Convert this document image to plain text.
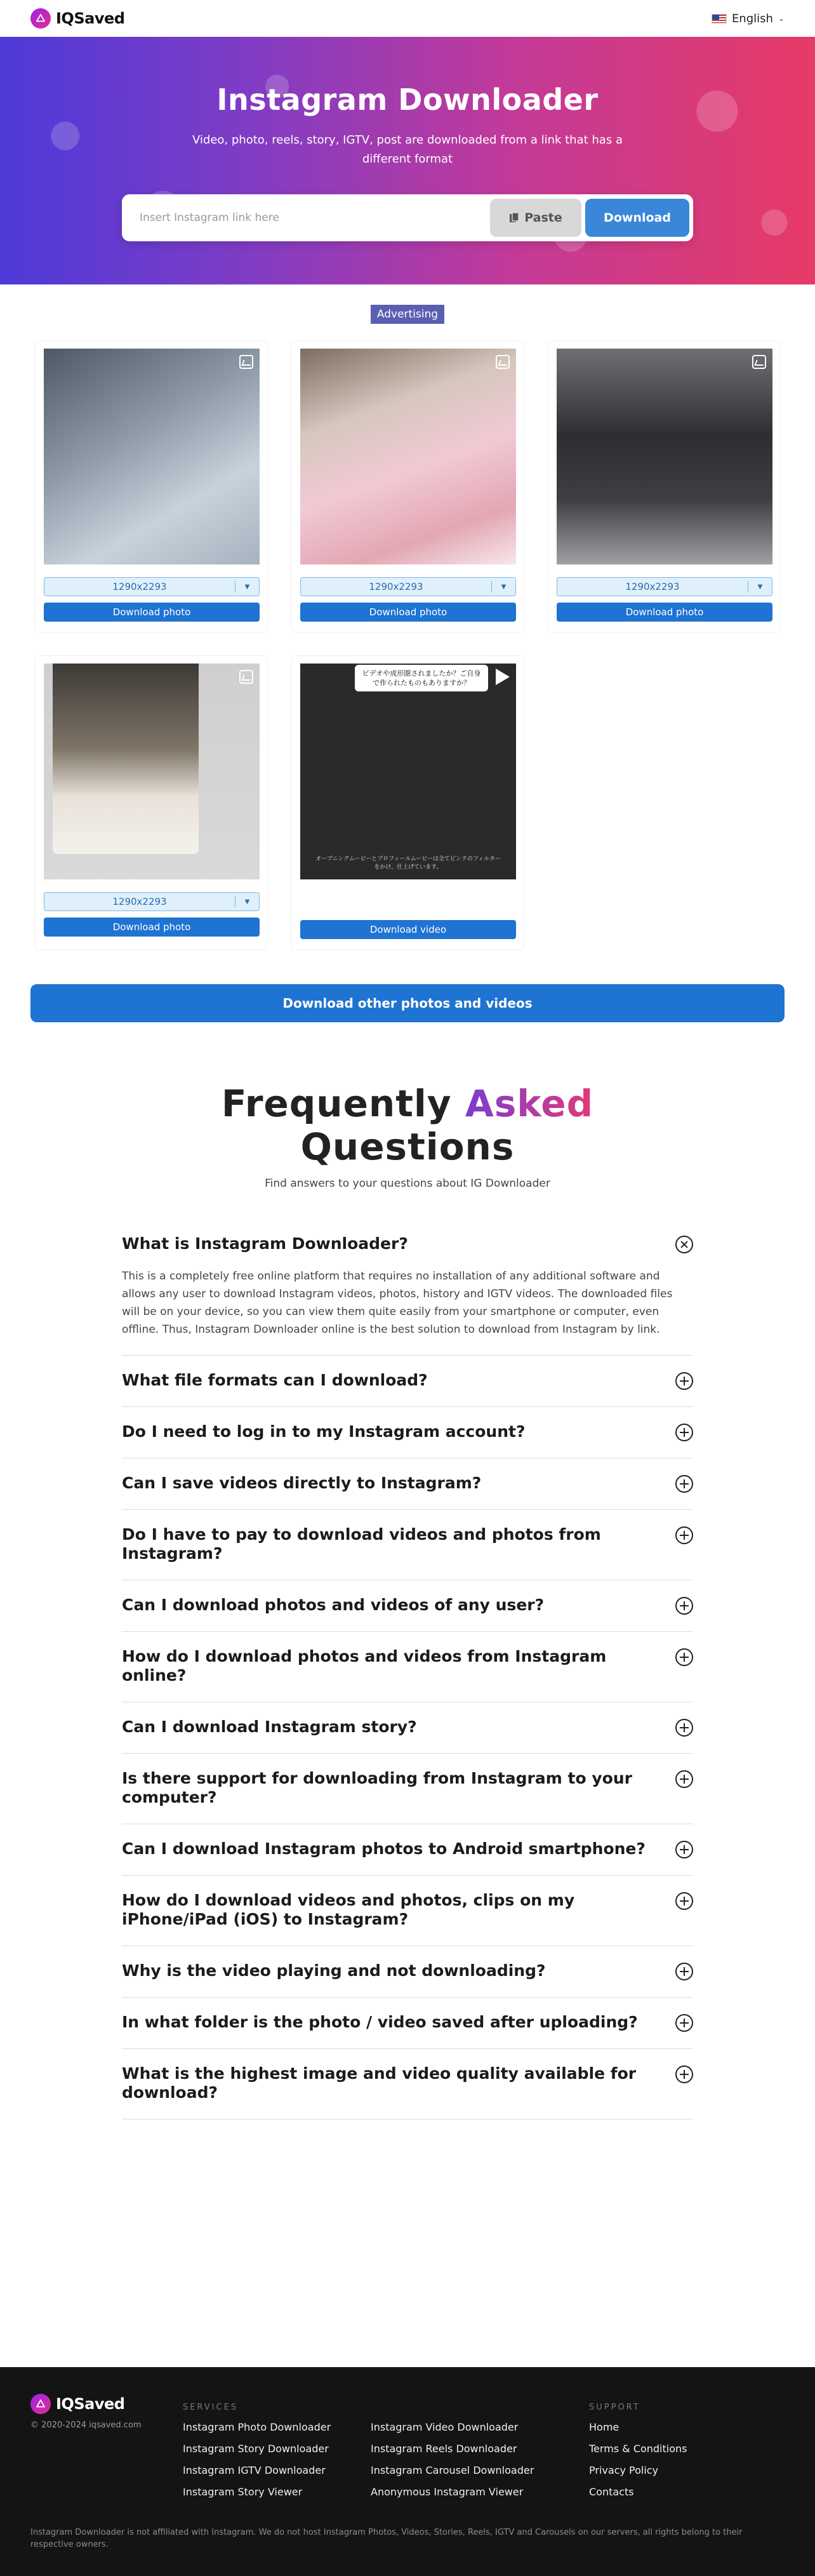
IQSaved	English ⌄
Instagram Downloader

Video, photo, reels, story, IGTV, post are downloaded from a link that has a different format

Insert Instagram link here
Paste	Download
Advertising
1290x2293	▼
Download photo
1290x2293	▼
Download photo
1290x2293	▼
Download photo
1290x2293	▼
Download photo
ビデオや成形圏されましたか？ご自身で作られたものもありますか？
オーブニングムービーとプロフィールムービーは全てピンクのフィルターをかけ、仕上げています。
Download video
Download other photos and videos
Frequently Asked Questions

Find answers to your questions about IG Downloader

What is Instagram Downloader?

This is a completely free online platform that requires no installation of any additional software and allows any user to download Instagram videos, photos, history and IGTV videos. The downloaded files will be on your device, so you can view them quite easily from your smartphone or computer, even offline. Thus, Instagram Downloader online is the best solution to download from Instagram by link.

What file formats can I download?
Do I need to log in to my Instagram account?
Can I save videos directly to Instagram?
Do I have to pay to download videos and photos from Instagram?
Can I download photos and videos of any user?
How do I download photos and videos from Instagram online?
Can I download Instagram story?
Is there support for downloading from Instagram to your computer?
Can I download Instagram photos to Android smartphone?
How do I download videos and photos, clips on my iPhone/iPad (iOS) to Instagram?
Why is the video playing and not downloading?
In what folder is the photo / video saved after uploading?
What is the highest image and video quality available for download?
IQSaved
© 2020-2024 iqsaved.com
SERVICES
Instagram Photo Downloader	Instagram Video Downloader
Instagram Story Downloader	Instagram Reels Downloader
Instagram IGTV Downloader	Instagram Carousel Downloader
Instagram Story Viewer	Anonymous Instagram Viewer
SUPPORT
Home
Terms & Conditions
Privacy Policy
Contacts

Instagram Downloader is not affiliated with Instagram. We do not host Instagram Photos, Videos, Stories, Reels, IGTV and Carousels on our servers, all rights belong to their respective owners.
